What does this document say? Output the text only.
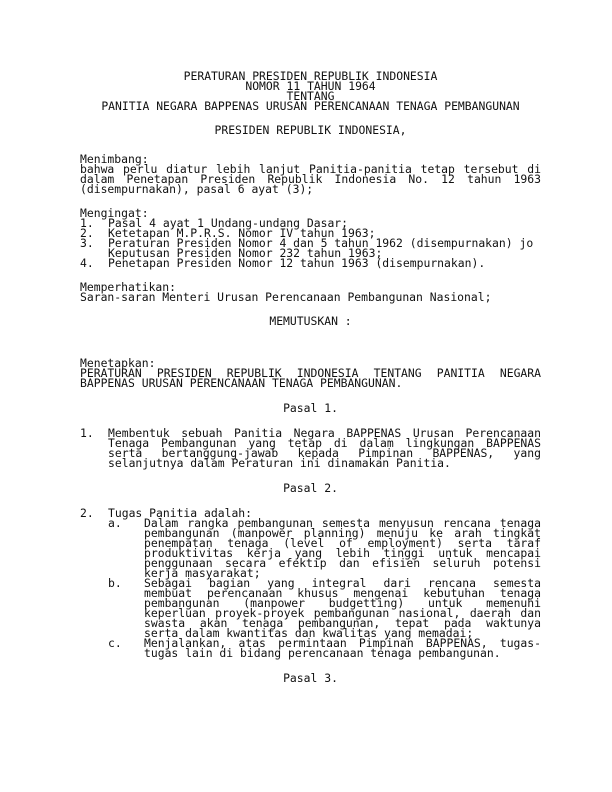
PERATURAN PRESIDEN REPUBLIK INDONESIA
NOMOR 11 TAHUN 1964
TENTANG
PANITIA NEGARA BAPPENAS URUSAN PERENCANAAN TENAGA PEMBANGUNAN
PRESIDEN REPUBLIK INDONESIA,
Menimbang:
bahwa perlu diatur lebih lanjut Panitia-panitia tetap tersebut di
dalam Penetapan Presiden Republik Indonesia No. 12 tahun 1963
(disempurnakan), pasal 6 ayat (3);
Mengingat:
1. Pasal 4 ayat 1 Undang-undang Dasar;
2. Ketetapan M.P.R.S. Nomor IV tahun 1963;
3. Peraturan Presiden Nomor 4 dan 5 tahun 1962 (disempurnakan) jo
Keputusan Presiden Nomor 232 tahun 1963;
4. Penetapan Presiden Nomor 12 tahun 1963 (disempurnakan).
Memperhatikan:
Saran-saran Menteri Urusan Perencanaan Pembangunan Nasional;
MEMUTUSKAN :
Menetapkan:
PERATURAN PRESIDEN REPUBLIK INDONESIA TENTANG PANITIA NEGARA
BAPPENAS URUSAN PERENCANAAN TENAGA PEMBANGUNAN.
Pasal 1.
1. Membentuk sebuah Panitia Negara BAPPENAS Urusan Perencanaan
Tenaga Pembangunan yang tetap di dalam lingkungan BAPPENAS
serta bertanggung-jawab kepada Pimpinan BAPPENAS, yang
selanjutnya dalam Peraturan ini dinamakan Panitia.
Pasal 2.
2. Tugas Panitia adalah:
a. Dalam rangka pembangunan semesta menyusun rencana tenaga
pembangunan (manpower planning) menuju ke arah tingkat
penempatan tenaga (level of employment) serta taraf
produktivitas kerja yang lebih tinggi untuk mencapai
penggunaan secara efektip dan efisien seluruh potensi
kerja masyarakat;
b. Sebagai bagian yang integral dari rencana semesta
membuat perencanaan khusus mengenai kebutuhan tenaga
pembangunan (manpower budgetting) untuk memenuhi
keperluan proyek-proyek pembangunan nasional, daerah dan
swasta akan tenaga pembangunan, tepat pada waktunya
serta dalam kwantitas dan kwalitas yang memadai;
c. Menjalankan, atas permintaan Pimpinan BAPPENAS, tugas-
tugas lain di bidang perencanaan tenaga pembangunan.
Pasal 3.
